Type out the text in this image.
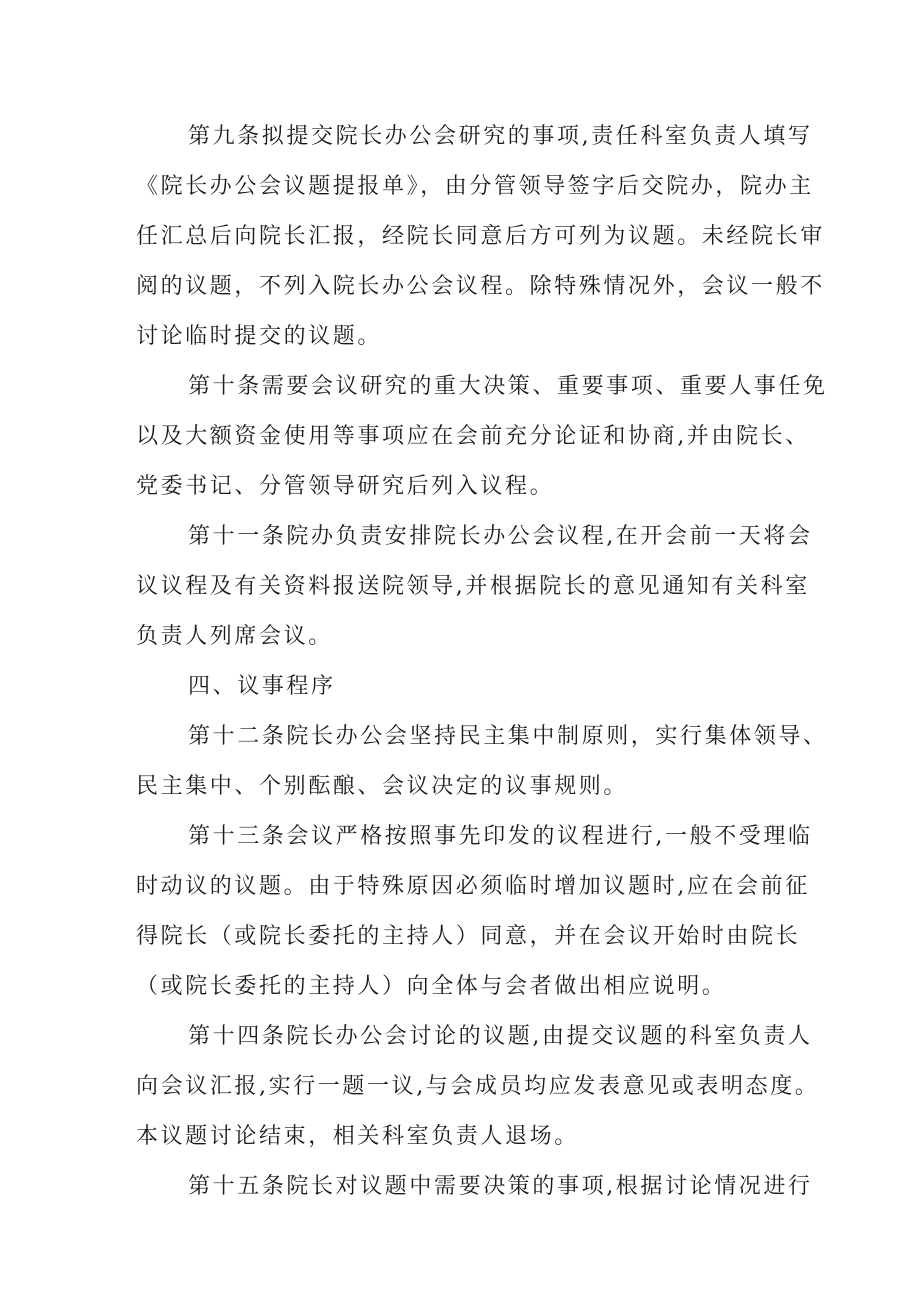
第九条拟提交院长办公会研究的事项,责任科室负责人填写
《院长办公会议题提报单》，由分管领导签字后交院办，院办主
任汇总后向院长汇报，经院长同意后方可列为议题。未经院长审
阅的议题，不列入院长办公会议程。除特殊情况外，会议一般不
讨论临时提交的议题。
第十条需要会议研究的重大决策、重要事项、重要人事任免
以及大额资金使用等事项应在会前充分论证和协商,并由院长、
党委书记、分管领导研究后列入议程。
第十一条院办负责安排院长办公会议程,在开会前一天将会
议议程及有关资料报送院领导,并根据院长的意见通知有关科室
负责人列席会议。
四、议事程序
第十二条院长办公会坚持民主集中制原则，实行集体领导、
民主集中、个别酝酿、会议决定的议事规则。
第十三条会议严格按照事先印发的议程进行,一般不受理临
时动议的议题。由于特殊原因必须临时增加议题时,应在会前征
得院长（或院长委托的主持人）同意，并在会议开始时由院长
（或院长委托的主持人）向全体与会者做出相应说明。
第十四条院长办公会讨论的议题,由提交议题的科室负责人
向会议汇报,实行一题一议,与会成员均应发表意见或表明态度。
本议题讨论结束，相关科室负责人退场。
第十五条院长对议题中需要决策的事项,根据讨论情况进行
